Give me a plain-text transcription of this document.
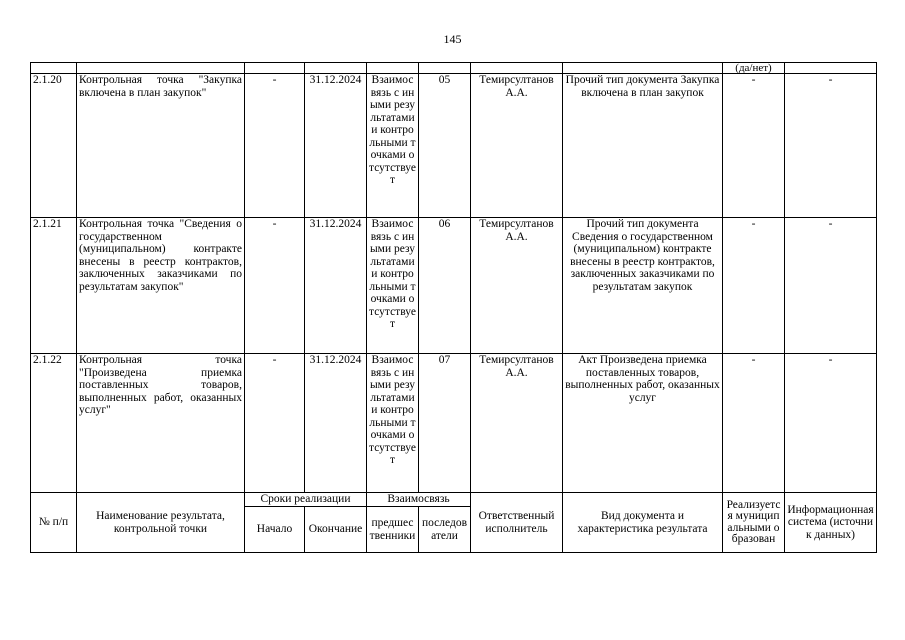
145
								(да/нет)	
2.1.20	Контрольная точка "Закупка включена в план закупок"	-	31.12.2024	Взаимосвязь с иными результатами и контрольными точками отсутствует	05	Темирсултанов А.А.	Прочий тип документа Закупка включена в план закупок	-	-
2.1.21	Контрольная точка "Сведения о государственном (муниципальном) контракте внесены в реестр контрактов, заключенных заказчиками по результатам закупок"	-	31.12.2024	Взаимосвязь с иными результатами и контрольными точками отсутствует	06	Темирсултанов А.А.	Прочий тип документа Сведения о государственном (муниципальном) контракте внесены в реестр контрактов, заключенных заказчиками по результатам закупок	-	-
2.1.22	Контрольная точка "Произведена приемка поставленных товаров, выполненных работ, оказанных услуг"	-	31.12.2024	Взаимосвязь с иными результатами и контрольными точками отсутствует	07	Темирсултанов А.А.	Акт Произведена приемка поставленных товаров, выполненных работ, оказанных услуг	-	-
№ п/п	Наименование результата, контрольной точки	Сроки реализации		Взаимосвязь		Ответственный исполнитель	Вид документа и характеристика результата	Реализуется муниципальными образован	Информационная система (источник данных)
		Начало	Окончание	предшественники	последователи				
